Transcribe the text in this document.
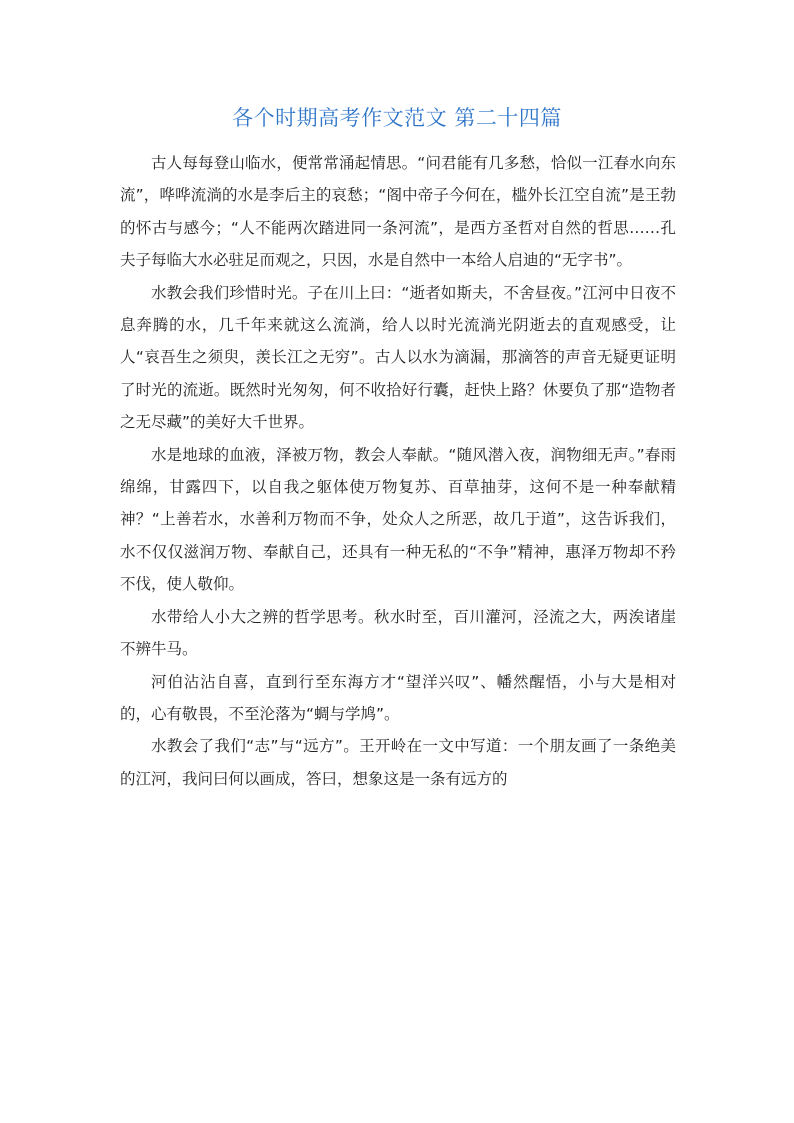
各个时期高考作文范文 第二十四篇

古人每每登山临水，便常常涌起情思。“问君能有几多愁，恰似一江春水向东流”，哗哗流淌的水是李后主的哀愁；“阁中帝子今何在，槛外长江空自流”是王勃的怀古与感今；“人不能两次踏进同一条河流”，是西方圣哲对自然的哲思……孔夫子每临大水必驻足而观之，只因，水是自然中一本给人启迪的“无字书”。

水教会我们珍惜时光。子在川上曰：“逝者如斯夫，不舍昼夜。”江河中日夜不息奔腾的水，几千年来就这么流淌，给人以时光流淌光阴逝去的直观感受，让人“哀吾生之须臾，羡长江之无穷”。古人以水为滴漏，那滴答的声音无疑更证明了时光的流逝。既然时光匆匆，何不收拾好行囊，赶快上路？休要负了那“造物者之无尽藏”的美好大千世界。

水是地球的血液，泽被万物，教会人奉献。“随风潜入夜，润物细无声。”春雨绵绵，甘露四下，以自我之躯体使万物复苏、百草抽芽，这何不是一种奉献精神？“上善若水，水善利万物而不争，处众人之所恶，故几于道”，这告诉我们，水不仅仅滋润万物、奉献自己，还具有一种无私的“不争”精神，惠泽万物却不矜不伐，使人敬仰。

水带给人小大之辨的哲学思考。秋水时至，百川灌河，泾流之大，两涘诸崖不辨牛马。

河伯沾沾自喜，直到行至东海方才“望洋兴叹”、幡然醒悟，小与大是相对的，心有敬畏，不至沦落为“蜩与学鸠”。

水教会了我们“志”与“远方”。王开岭在一文中写道：一个朋友画了一条绝美的江河，我问曰何以画成，答曰，想象这是一条有远方的
